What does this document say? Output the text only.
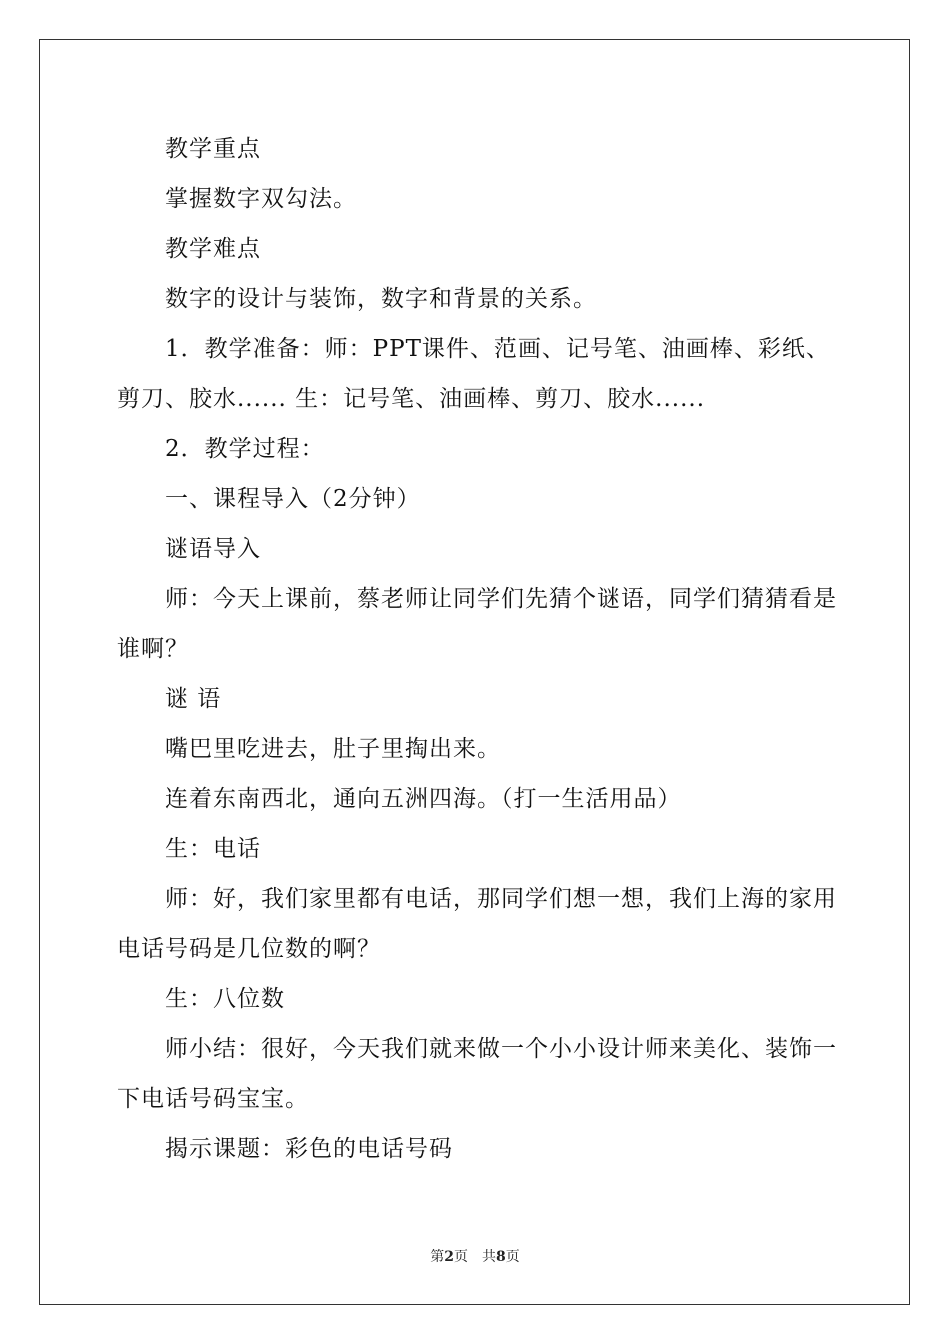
教学重点
掌握数字双勾法。
教学难点
数字的设计与装饰，数字和背景的关系。
1．教学准备：师：PPT课件、范画、记号笔、油画棒、彩纸、
剪刀、胶水...... 生：记号笔、油画棒、剪刀、胶水......
2．教学过程：
一、课程导入（2分钟）
谜语导入
师：今天上课前，蔡老师让同学们先猜个谜语，同学们猜猜看是
谁啊？
谜 语
嘴巴里吃进去，肚子里掏出来。
连着东南西北，通向五洲四海。（打一生活用品）
生：电话
师：好，我们家里都有电话，那同学们想一想，我们上海的家用
电话号码是几位数的啊？
生：八位数
师小结：很好，今天我们就来做一个小小设计师来美化、装饰一
下电话号码宝宝。
揭示课题：彩色的电话号码
第2页 共8页
